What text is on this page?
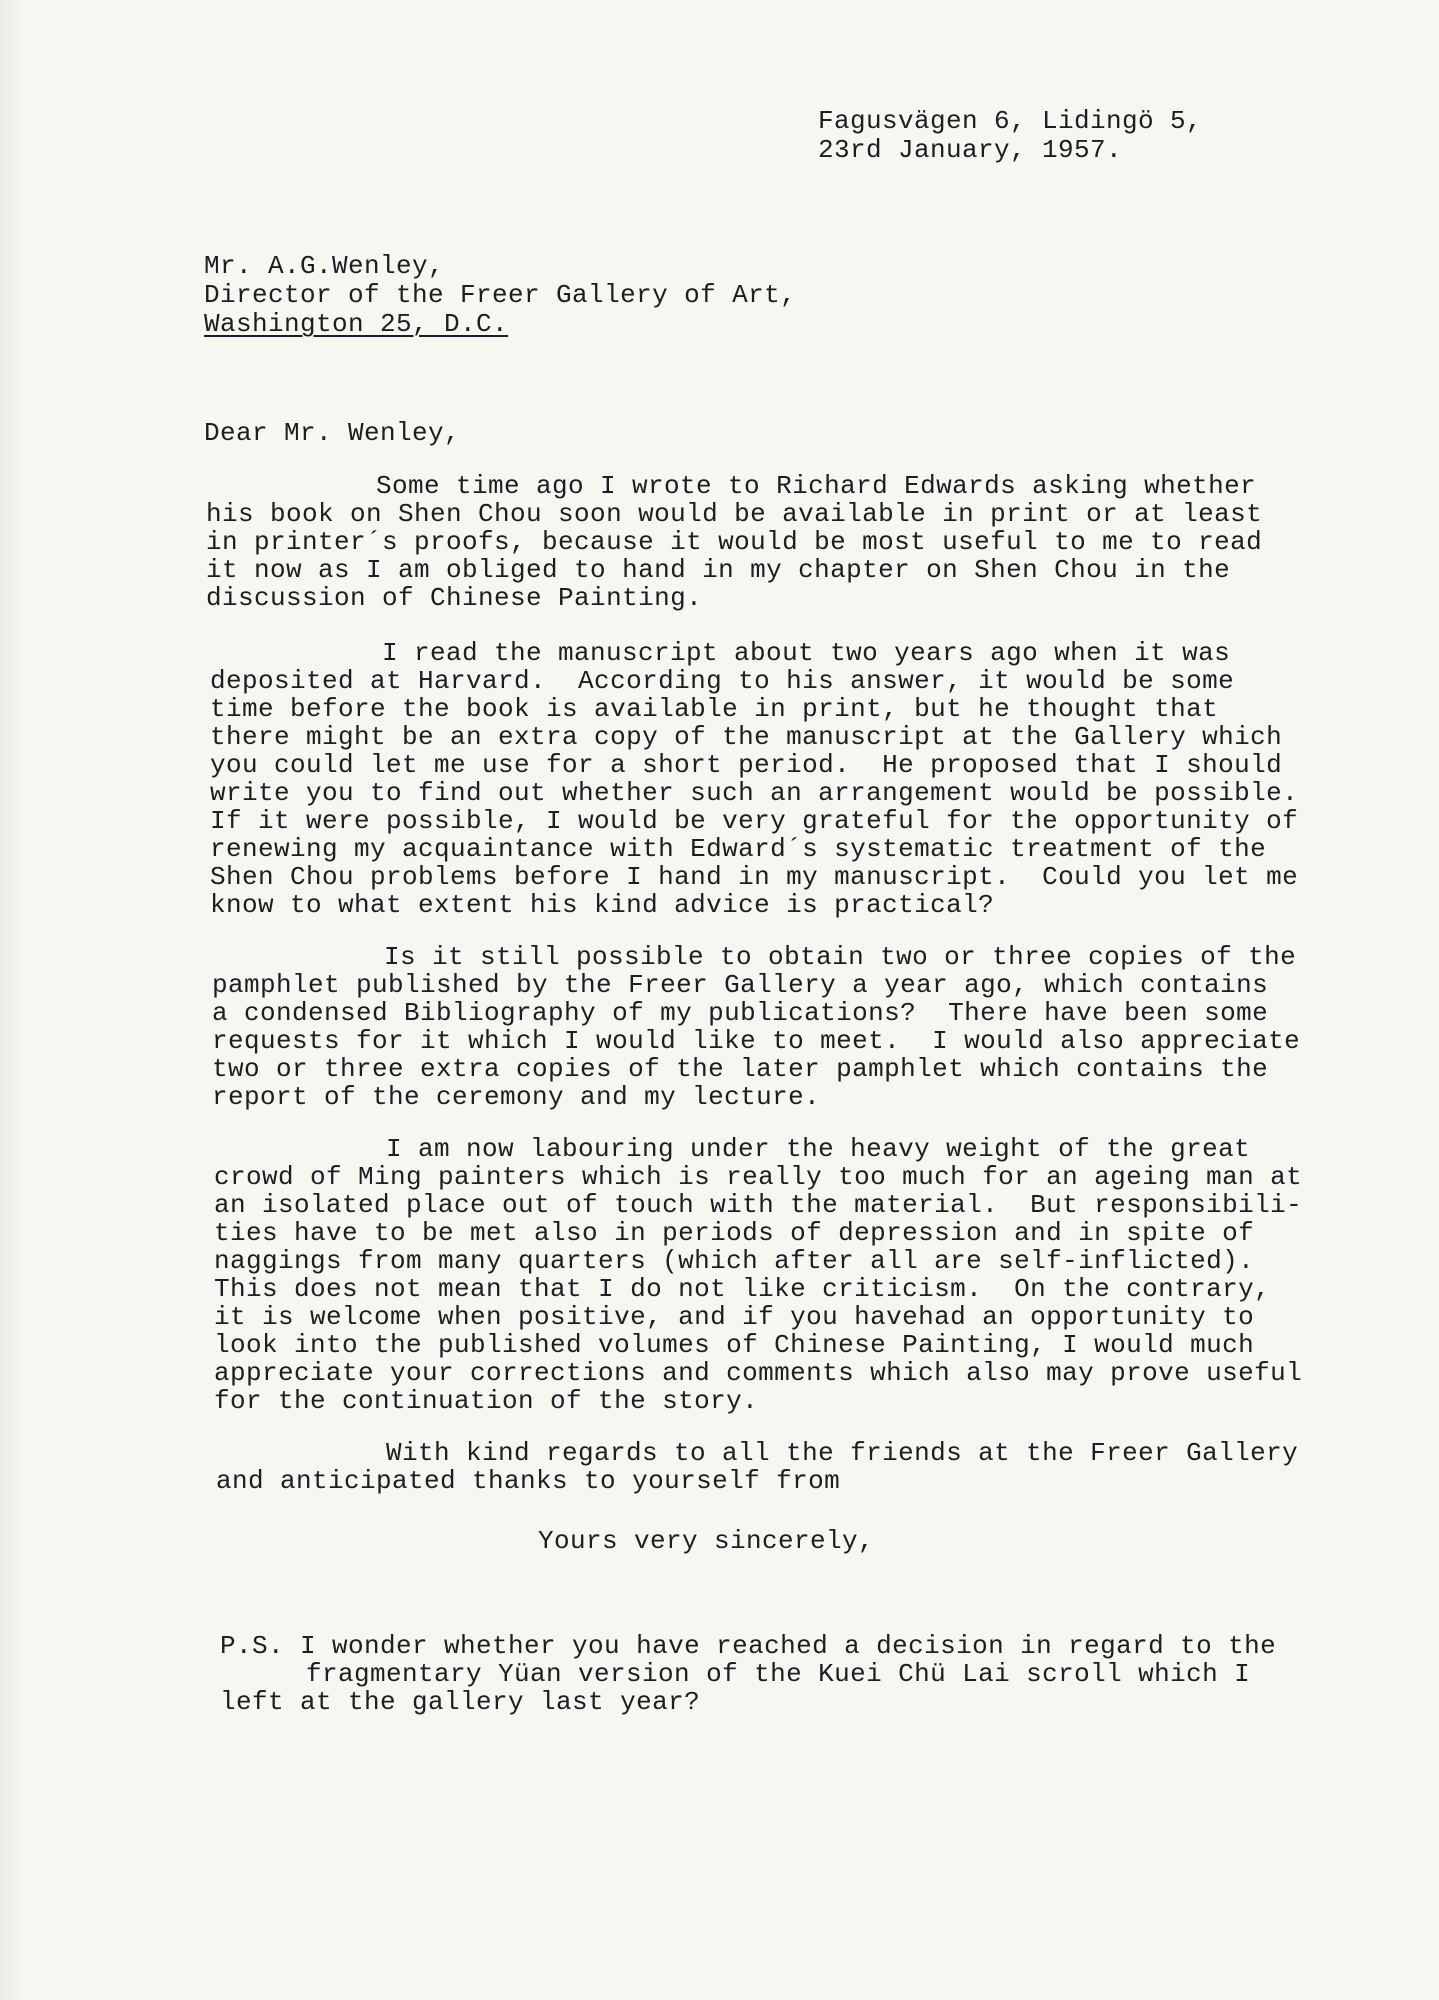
Fagusvägen 6, Lidingö 5,
23rd January, 1957.
Mr. A.G.Wenley,
Director of the Freer Gallery of Art,
Washington 25, D.C.
Dear Mr. Wenley,
Some time ago I wrote to Richard Edwards asking whether
his book on Shen Chou soon would be available in print or at least
in printer´s proofs, because it would be most useful to me to read
it now as I am obliged to hand in my chapter on Shen Chou in the
discussion of Chinese Painting.
I read the manuscript about two years ago when it was
deposited at Harvard.  According to his answer, it would be some
time before the book is available in print, but he thought that
there might be an extra copy of the manuscript at the Gallery which
you could let me use for a short period.  He proposed that I should
write you to find out whether such an arrangement would be possible.
If it were possible, I would be very grateful for the opportunity of
renewing my acquaintance with Edward´s systematic treatment of the
Shen Chou problems before I hand in my manuscript.  Could you let me
know to what extent his kind advice is practical?
Is it still possible to obtain two or three copies of the
pamphlet published by the Freer Gallery a year ago, which contains
a condensed Bibliography of my publications?  There have been some
requests for it which I would like to meet.  I would also appreciate
two or three extra copies of the later pamphlet which contains the
report of the ceremony and my lecture.
I am now labouring under the heavy weight of the great
crowd of Ming painters which is really too much for an ageing man at
an isolated place out of touch with the material.  But responsibili-
ties have to be met also in periods of depression and in spite of
naggings from many quarters (which after all are self-inflicted).
This does not mean that I do not like criticism.  On the contrary,
it is welcome when positive, and if you havehad an opportunity to
look into the published volumes of Chinese Painting, I would much
appreciate your corrections and comments which also may prove useful
for the continuation of the story.
With kind regards to all the friends at the Freer Gallery
and anticipated thanks to yourself from
Yours very sincerely,
P.S. I wonder whether you have reached a decision in regard to the
fragmentary Yüan version of the Kuei Chü Lai scroll which I
left at the gallery last year?
